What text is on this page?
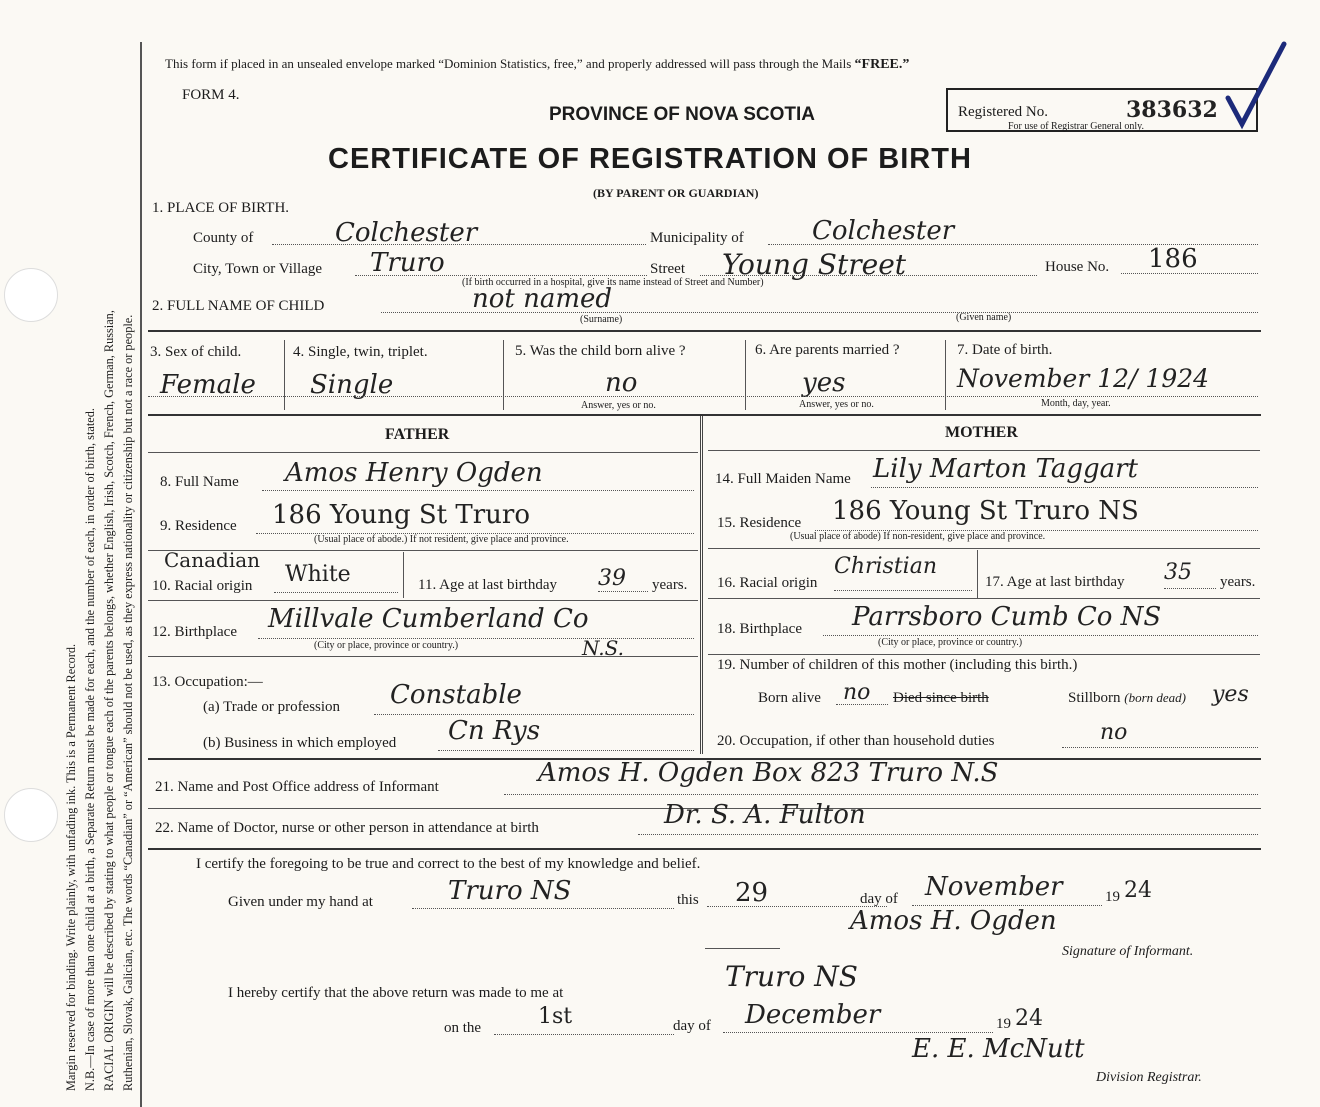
Margin reserved for binding. Write plainly, with unfading ink. This is a Permanent Record. N.B.—In case of more than one child at a birth, a Separate Return must be made for each, and the number of each, in order of birth, stated. RACIAL ORIGIN will be described by stating to what people or tongue each of the parents belongs, whether English, Irish, Scotch, French, German, Russian, Ruthenian, Slovak, Galician, etc. The words “Canadian” or “American” should not be used, as they express nationality or citizenship but not a race or people.
This form if placed in an unsealed envelope marked “Dominion Statistics, free,” and properly addressed will pass through the Mails “FREE.”
FORM 4.
PROVINCE OF NOVA SCOTIA
CERTIFICATE OF REGISTRATION OF BIRTH
(BY PARENT OR GUARDIAN)
Registered No.	383632
For use of Registrar General only.
1. PLACE OF BIRTH.
County of	Colchester	Municipality of	Colchester
City, Town or Village Truro	Street Young Street	House No. 186
(If birth occurred in a hospital, give its name instead of Street and Number)
2. FULL NAME OF CHILD	not named
(Surname)	(Given name)
3. Sex of child.
Female
4. Single, twin, triplet.
Single
5. Was the child born alive ?
no
Answer, yes or no.
6. Are parents married ?
yes
Answer, yes or no.
7. Date of birth.
November 12/ 1924
Month, day, year.
FATHER	MOTHER
8. Full Name Amos Henry Ogden
9. Residence 186 Young St Truro
(Usual place of abode.) If not resident, give place and province.
Canadian
10. Racial origin White	11. Age at last birthday 39 years.
12. Birthplace Millvale Cumberland Co
N.S.
(City or place, province or country.)
13. Occupation:—
(a) Trade or profession Constable
(b) Business in which employed Cn Rys
14. Full Maiden Name Lily Marton Taggart
15. Residence 186 Young St Truro NS
(Usual place of abode) If non-resident, give place and province.
16. Racial origin
Christian
17. Age at last birthday 35 years.
18. Birthplace Parrsboro Cumb Co NS
(City or place, province or country.)
19. Number of children of this mother (including this birth.)
Born alive no Died since birth	Stillborn (born dead) yes
20. Occupation, if other than household duties	no
21. Name and Post Office address of Informant	Amos H. Ogden Box 823 Truro N.S
22. Name of Doctor, nurse or other person in attendance at birth	Dr. S. A. Fulton
I certify the foregoing to be true and correct to the best of my knowledge and belief.
Given under my hand at	Truro NS	this 29	day of November	19 24
Amos H. Ogden
Signature of Informant.
I hereby certify that the above return was made to me at	Truro NS
on the	1st	day of December	19 24
E. E. McNutt
Division Registrar.
